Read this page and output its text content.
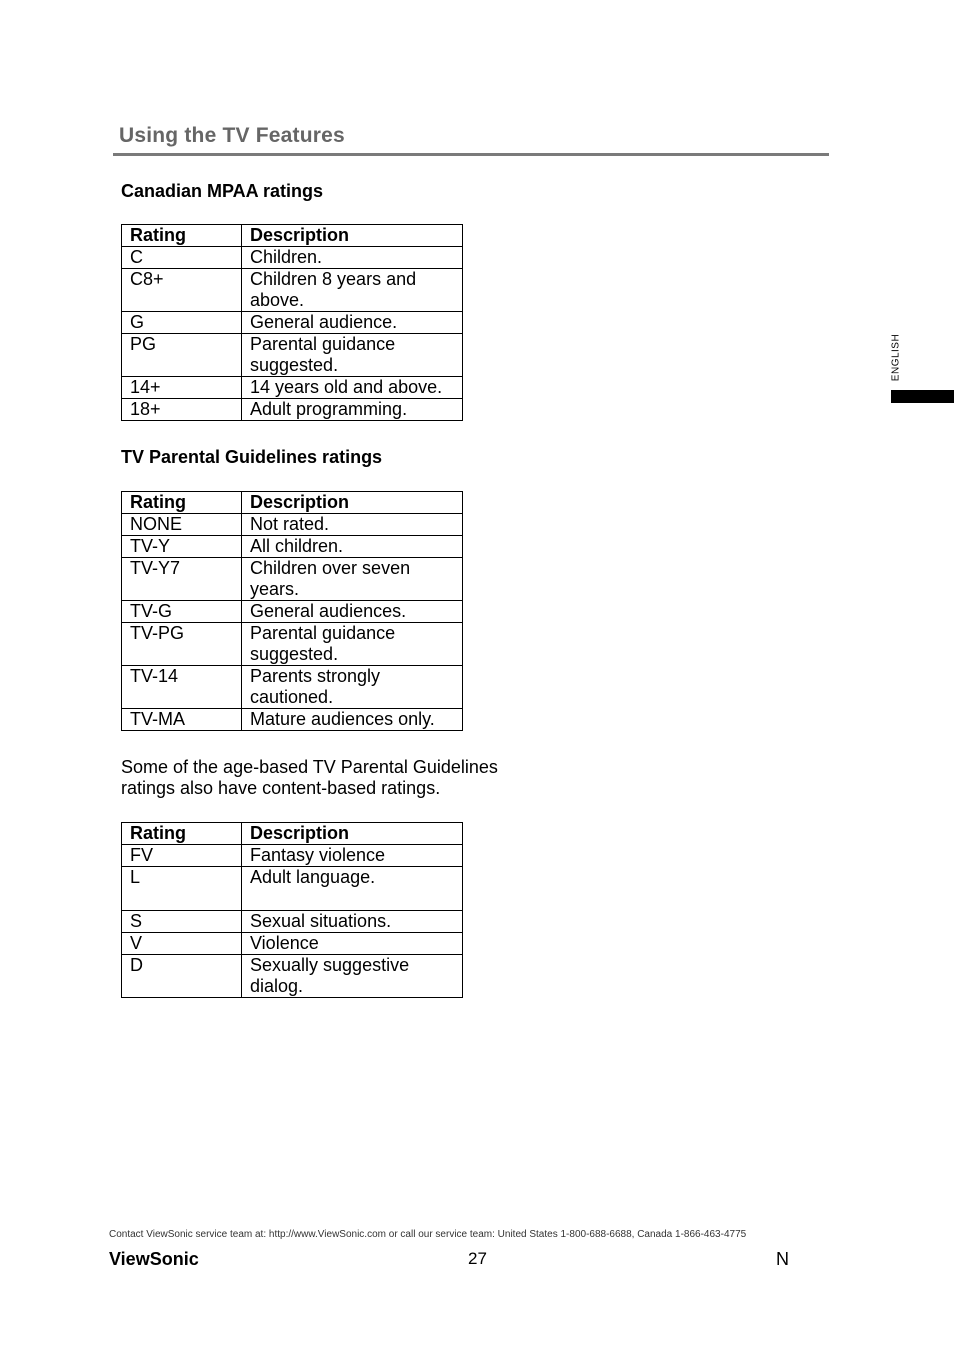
Using the TV Features
ENGLISH
Canadian MPAA ratings
Rating	Description
C	Children.
C8+	Children 8 years and above.
G	General audience.
PG	Parental guidance suggested.
14+	14 years old and above.
18+	Adult programming.
TV Parental Guidelines ratings
Rating	Description
NONE	Not rated.
TV-Y	All children.
TV-Y7	Children over seven years.
TV-G	General audiences.
TV-PG	Parental guidance suggested.
TV-14	Parents strongly cautioned.
TV-MA	Mature audiences only.
Some of the age-based TV Parental Guidelines ratings also have content-based ratings.
Rating	Description
FV	Fantasy violence
L	Adult language.
S	Sexual situations.
V	Violence
D	Sexually suggestive dialog.
Contact ViewSonic service team at: http://www.ViewSonic.com or call our service team: United States 1-800-688-6688, Canada 1-866-463-4775
ViewSonic	27	N
